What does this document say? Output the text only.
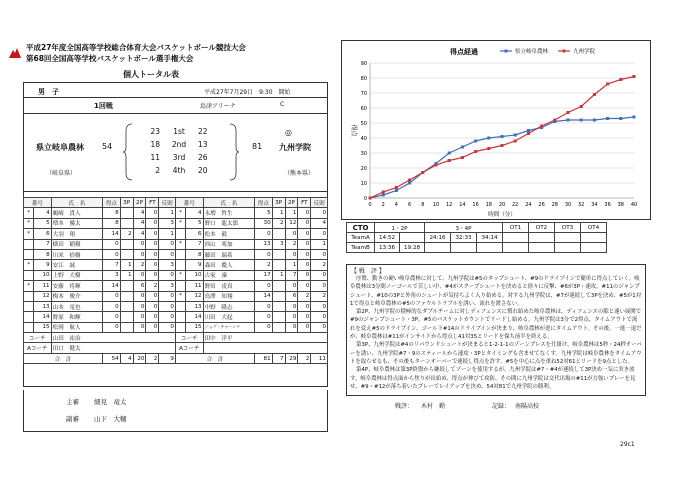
平成27年度全国高等学校総合体育大会バスケットボール競技大会
第68回全国高等学校バスケットボール選手権大会
個人トータル表
男　子	平成27年7月29日　9:30　開始
1回戦	島津アリーナ	C
県立岐阜農林
（岐阜県）
54	81
◎
九州学院
（熊本県）
23	1st	22
18	2nd	13
11	3rd	26
2	4th	20
番号		氏　名	得点	3P	2P	FT	反則	番号		氏　名	得点	3P	2P	FT	反則
*	4	鵜崎　貴人	8		4	0	1	*	4	永増　哲生	5	1	1	0	0
*	5	増本　優太	8		4	0	3	*	5	野口　龍太郎	30	2	12	0	4
*	6	大羽　翔	14	2	4	0	1		6	松本　毅	0		0	0	0
	7	横田　稲樹	0		0	0	0	*	7	西山　寒加	13	3	2	0	1
	8	川米　拾樹	0		0	0	0		8	藤田　瑞希	0		0	0	0
*	9	安江　誠	7	1	2	0	3		9	森田　慶人	2		1	0	2
	10	上野　大樹	3	1	0	0	0	*	10	古家　凜	17	1	7	0	0
*	11	安藤　将輝	14		6	2	3		11	野田　凌真	0		0	0	0
	12	梅本　俊介	0		0	0	0	*	12	鳥澤　知翔	14		6	2	2
	13	山本　竜也	0		0	0	0		13	中野　隆志	0		0	0	0
	14	野原　和輝	0		0	0	0		14	川田　大起	0		0	0	0
	15	松岡　航人	0		0	0	0		15	ジョブ・チャーンド	0		0	0	0
コーチ		山田　祐治						コーチ		田中　洋平					
Aコーチ		田口　健太						Aコーチ							
合　計			54	4	20	2	9	合　計			81	7	29	2	11
主審 細見　竜太
副審 山下　大輔
0
10
20
30
40
50
60
70
80
90
0 2 4 6 8 10 12 14 16 18 20 22 24 26 28 30 32 34 36 38 40
得点経過
時間（分）
得点
県立岐阜農林	九州学院
CTO	1・2P		3・4P			OT1	OT2	OT3	OT4
TeamA	14:52		24:16	32:33	34:14				
TeamB	13:36	19:28							
【 戦　評 】

序盤、動きの硬い岐阜農林に対して、九州学院は#5のタップシュート、#9のドライブインで簡単に得点していく。岐阜農林は3分間ノーゴールで苦しい中、#4がスクープシュートを決めると徐々に反撃、#6が3P・速攻、#11のジャンプシュート、#10の3Pと外角のシュートが気持ちよく入り始める。対する九州学院は、#7が連続して3Pを決め、#5が1対1で得点と岐阜農林の#5のファウルトラブルを誘い、流れを渡さない。

第2P、九州学院の積極的なダブルチームに対しディフェンスに慣れ始めた岐阜農林は、ディフェンスの隙と速い展開で#9のジャンプシュート・3P、#5のバスケットカウントでリードし始める。九州学院は3分で2得点、タイムアウトで流れを変え#5のドライブイン、ゴール下#14のドライブインが決まり、岐阜農林が逆にタイムアウト。その後、一進一退だが、岐阜農林は#11がインサイドから得点し41対35とリードを保ち前半を終える。

第3P、九州学院は#4のリバウンドシュートが決まると1-2-1-1のゾーンプレスを仕掛け、岐阜農林は5秒・24秒オーバーを誘い、九州学院#7・9のスティールから速攻・3Pとタイミングも含ませてなくす。九州学院は岐阜農林をタイムアウトを取らせるも、その後もターンオーバーで連続し得点を許す。#5を中心に点を重ね52対61とリードを9点とした。

第4P、岐阜農林は第3P終盤から継続してゾーンを使用するが、九州学院は#7・#4が連続して3P決め一気に突き放す。岐阜農林は得点面から焦りが出始め、得点が伸びて攻防、その間に九州学院は交代出場の#11が力強いプレーを見せ、#9・#12が落ち着いたプレーでレイアップを決め、54対81で九州学院の勝利。

戦評： 木村　勤	記録： 南陽高校
29c1
